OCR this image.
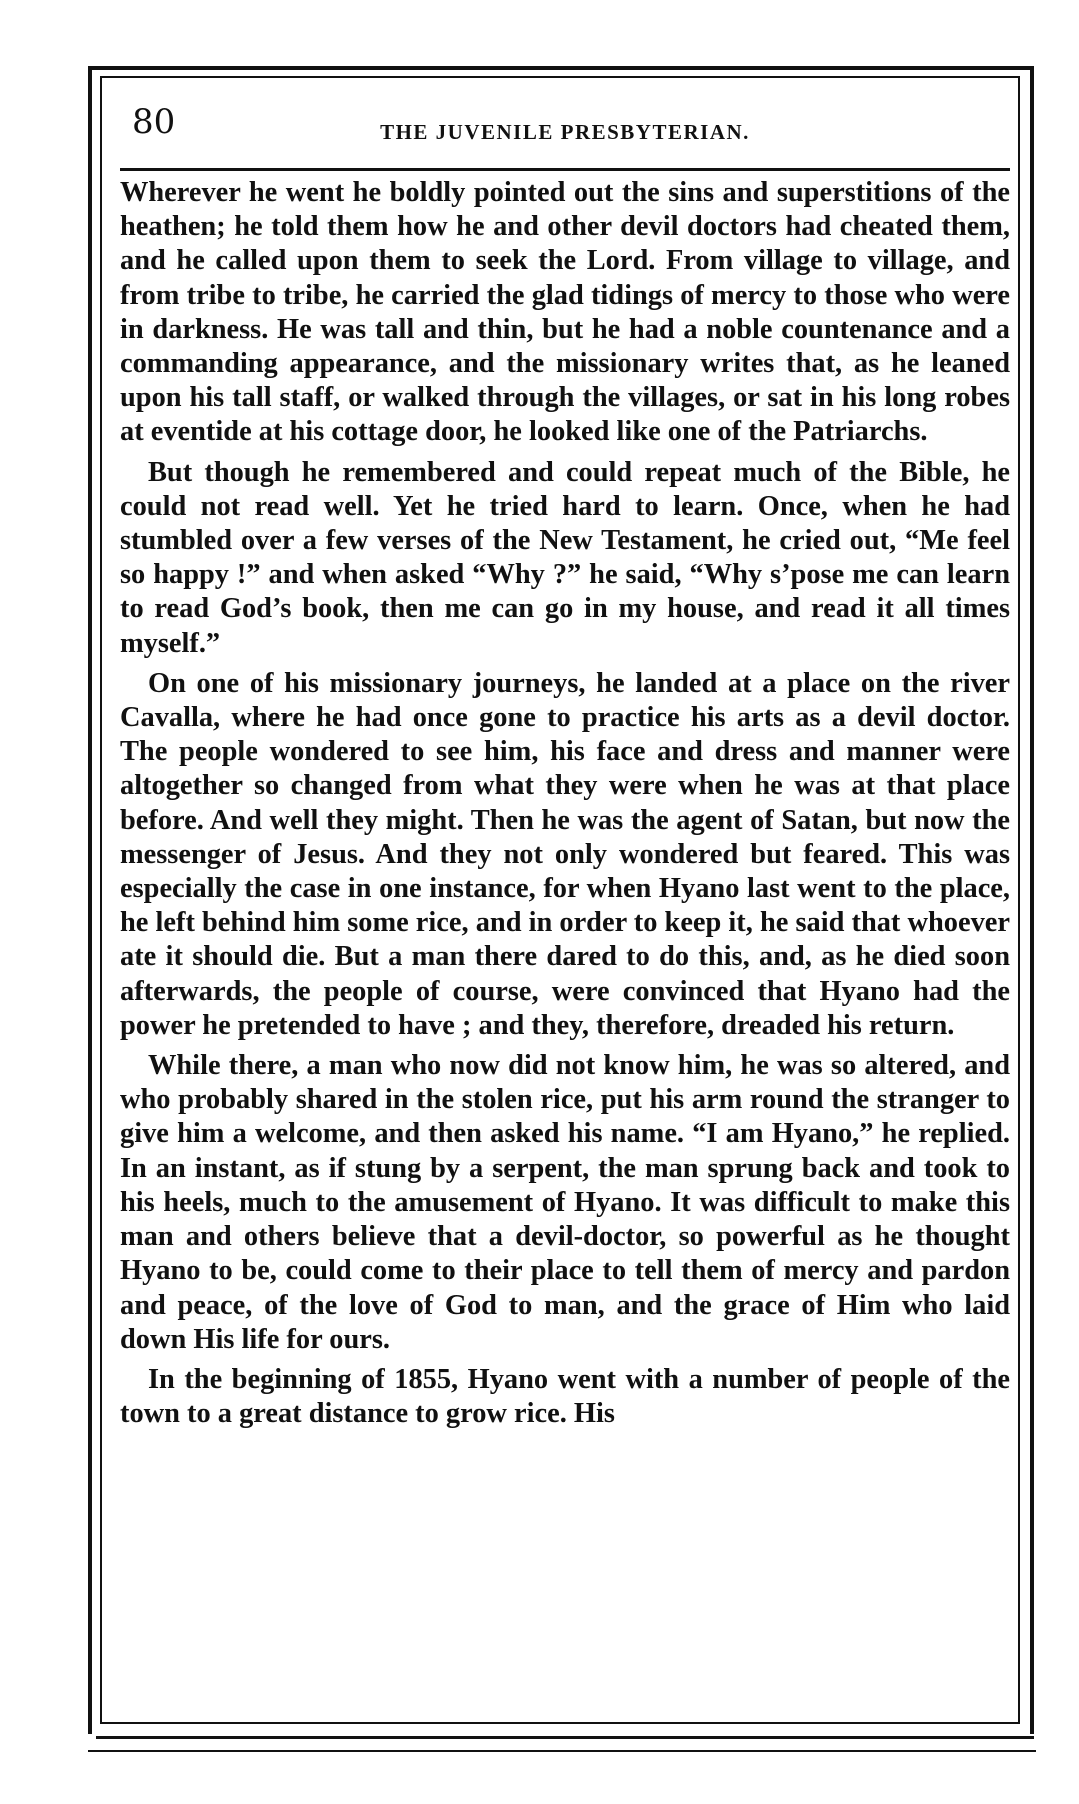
80	THE JUVENILE PRESBYTERIAN.

Wherever he went he boldly pointed out the sins and superstitions of the heathen; he told them how he and other devil doctors had cheated them, and he called upon them to seek the Lord. From village to village, and from tribe to tribe, he carried the glad tidings of mercy to those who were in darkness. He was tall and thin, but he had a noble countenance and a commanding appearance, and the missionary writes that, as he leaned upon his tall staff, or walked through the villages, or sat in his long robes at eventide at his cottage door, he looked like one of the Patriarchs.

But though he remembered and could repeat much of the Bible, he could not read well. Yet he tried hard to learn. Once, when he had stumbled over a few verses of the New Testament, he cried out, “Me feel so happy !” and when asked “Why ?” he said, “Why s’pose me can learn to read God’s book, then me can go in my house, and read it all times myself.”

On one of his missionary journeys, he landed at a place on the river Cavalla, where he had once gone to practice his arts as a devil doctor. The people wondered to see him, his face and dress and manner were altogether so changed from what they were when he was at that place before. And well they might. Then he was the agent of Satan, but now the messenger of Jesus. And they not only wondered but feared. This was especially the case in one instance, for when Hyano last went to the place, he left behind him some rice, and in order to keep it, he said that whoever ate it should die. But a man there dared to do this, and, as he died soon afterwards, the people of course, were convinced that Hyano had the power he pretended to have ; and they, therefore, dreaded his return.

While there, a man who now did not know him, he was so altered, and who probably shared in the stolen rice, put his arm round the stranger to give him a welcome, and then asked his name. “I am Hyano,” he replied. In an instant, as if stung by a serpent, the man sprung back and took to his heels, much to the amusement of Hyano. It was difficult to make this man and others believe that a devil-doctor, so powerful as he thought Hyano to be, could come to their place to tell them of mercy and pardon and peace, of the love of God to man, and the grace of Him who laid down His life for ours.

In the beginning of 1855, Hyano went with a number of people of the town to a great distance to grow rice. His
